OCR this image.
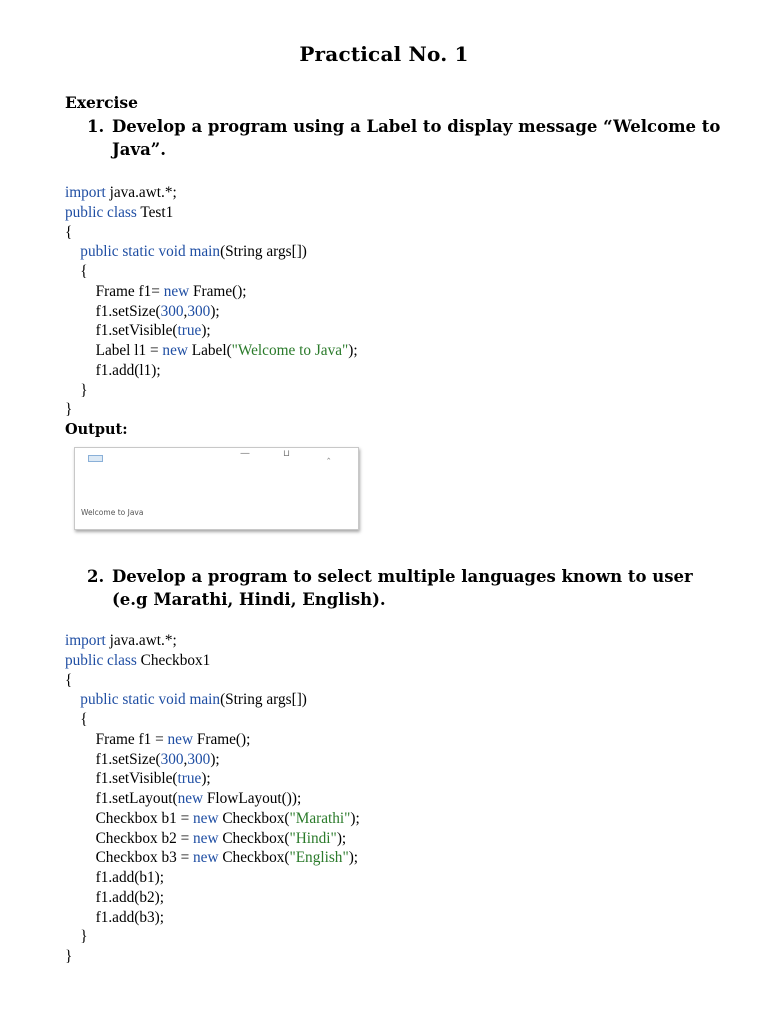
Practical No. 1
Exercise
1. Develop a program using a Label to display message “Welcome to Java”.
import java.awt.*;
public class Test1
{
public static void main(String args[])
{
Frame f1= new Frame();
f1.setSize(300,300);
f1.setVisible(true);
Label l1 = new Label("Welcome to Java");
f1.add(l1);
}
}
Output:
—	⊔	‸
Welcome to Java
2. Develop a program to select multiple languages known to user (e.g Marathi, Hindi, English).
import java.awt.*;
public class Checkbox1
{
public static void main(String args[])
{
Frame f1 = new Frame();
f1.setSize(300,300);
f1.setVisible(true);
f1.setLayout(new FlowLayout());
Checkbox b1 = new Checkbox("Marathi");
Checkbox b2 = new Checkbox("Hindi");
Checkbox b3 = new Checkbox("English");
f1.add(b1);
f1.add(b2);
f1.add(b3);
}
}
